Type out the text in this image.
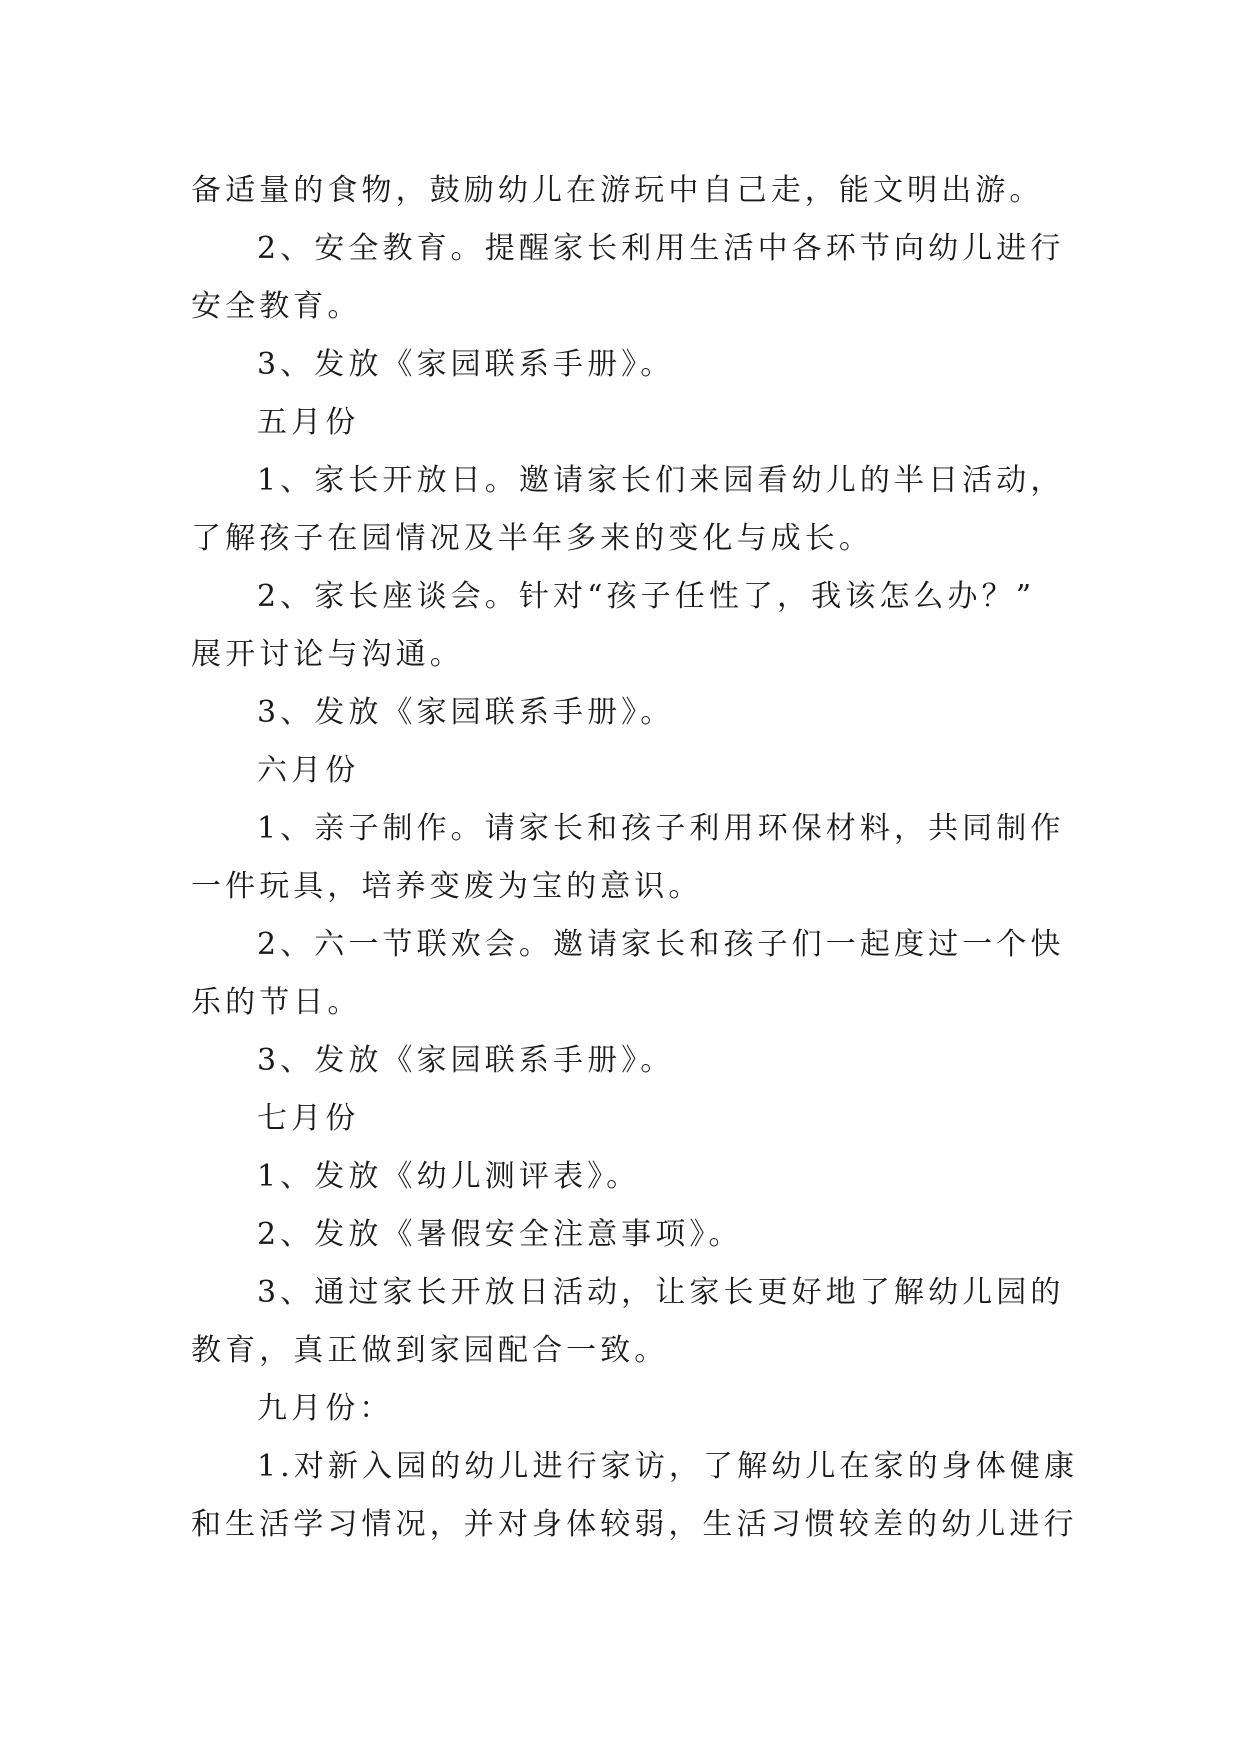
备适量的食物，鼓励幼儿在游玩中自己走，能文明出游。

2、安全教育。提醒家长利用生活中各环节向幼儿进行

安全教育。

3、发放《家园联系手册》。

五月份

1、家长开放日。邀请家长们来园看幼儿的半日活动，

了解孩子在园情况及半年多来的变化与成长。

2、家长座谈会。针对“孩子任性了，我该怎么办？”

展开讨论与沟通。

3、发放《家园联系手册》。

六月份

1、亲子制作。请家长和孩子利用环保材料，共同制作

一件玩具，培养变废为宝的意识。

2、六一节联欢会。邀请家长和孩子们一起度过一个快

乐的节日。

3、发放《家园联系手册》。

七月份

1、发放《幼儿测评表》。

2、发放《暑假安全注意事项》。

3、通过家长开放日活动，让家长更好地了解幼儿园的

教育，真正做到家园配合一致。

九月份：

1.对新入园的幼儿进行家访，了解幼儿在家的身体健康

和生活学习情况，并对身体较弱，生活习惯较差的幼儿进行
